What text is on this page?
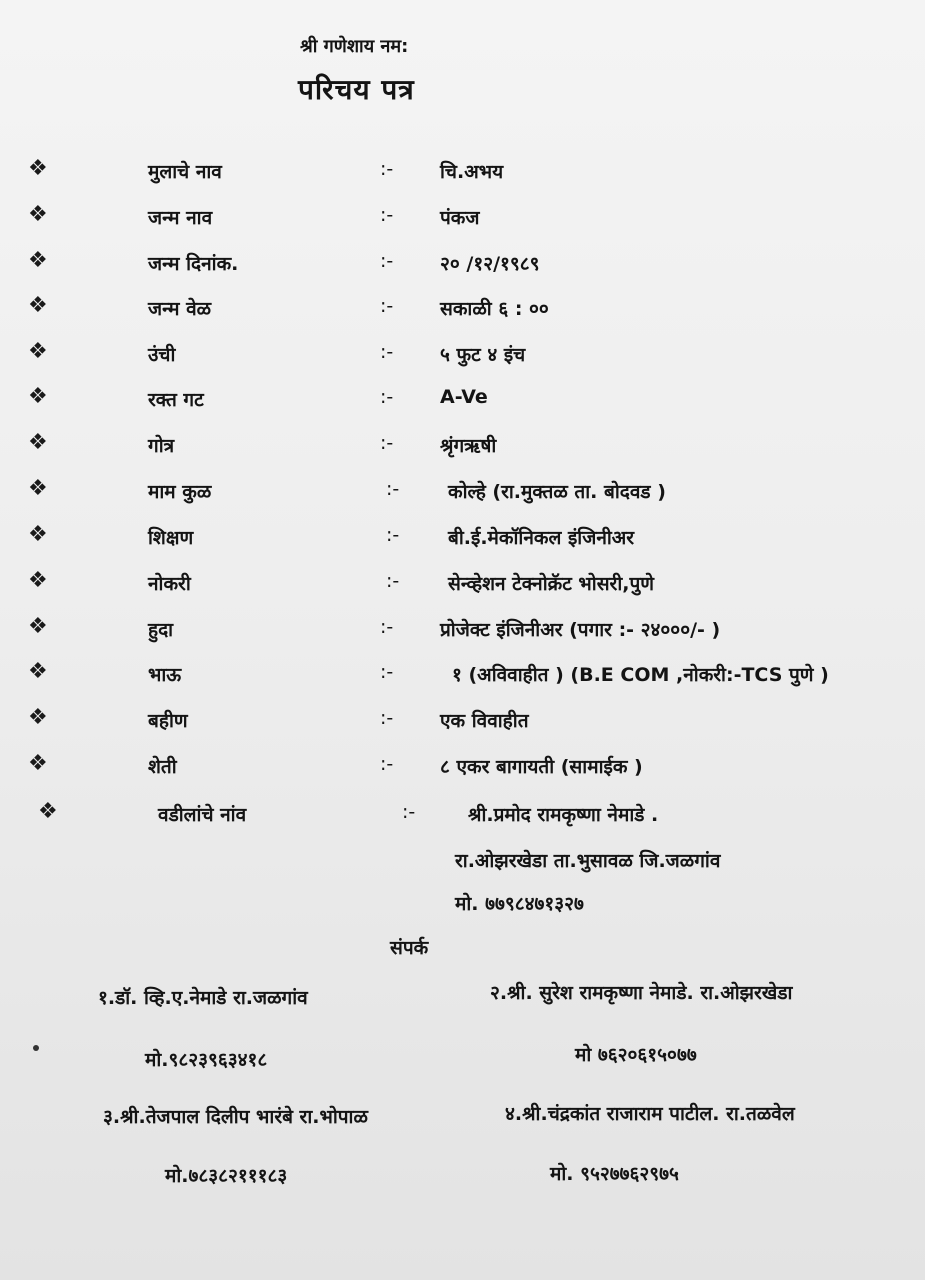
श्री गणेशाय नम:
परिचय पत्र
❖	मुलाचे नाव	:- चि.अभय
❖	जन्म नाव	:- पंकज
❖	जन्म दिनांक.	:- २० /१२/१९८९
❖	जन्म वेळ	:- सकाळी ६ : ००
❖	उंची	:- ५ फुट ४ इंच
❖	रक्त गट	:- A-Ve
❖	गोत्र	:- श्रृंगऋषी
❖	माम कुळ	:-	कोल्हे (रा.मुक्तळ ता. बोदवड )
❖	शिक्षण	:-	बी.ई.मेकॉनिकल इंजिनीअर
❖	नोकरी	:-	सेन्व्हेशन टेक्नोक्रॅट भोसरी,पुणे
❖	हुदा	:- प्रोजेक्ट इंजिनीअर (पगार :- २४०००/- )
❖	भाऊ	:-	१ (अविवाहीत ) (B.E COM ,नोकरी:-TCS पुणे )
❖	बहीण	:- एक विवाहीत
❖	शेती	:- ८ एकर बागायती (सामाईक )
❖	वडीलांचे नांव	:-	श्री.प्रमोद रामकृष्णा नेमाडे .
रा.ओझरखेडा ता.भुसावळ जि.जळगांव
मो. ७७९८४७१३२७
संपर्क
१.डॉ. व्हि.ए.नेमाडे रा.जळगांव	२.श्री. सुरेश रामकृष्णा नेमाडे. रा.ओझरखेडा
मो.९८२३९६३४१८	मो ७६२०६१५०७७
३.श्री.तेजपाल दिलीप भारंबे रा.भोपाळ	४.श्री.चंद्रकांत राजाराम पाटील. रा.तळवेल
मो.७८३८२१११८३	मो. ९५२७७६२९७५
